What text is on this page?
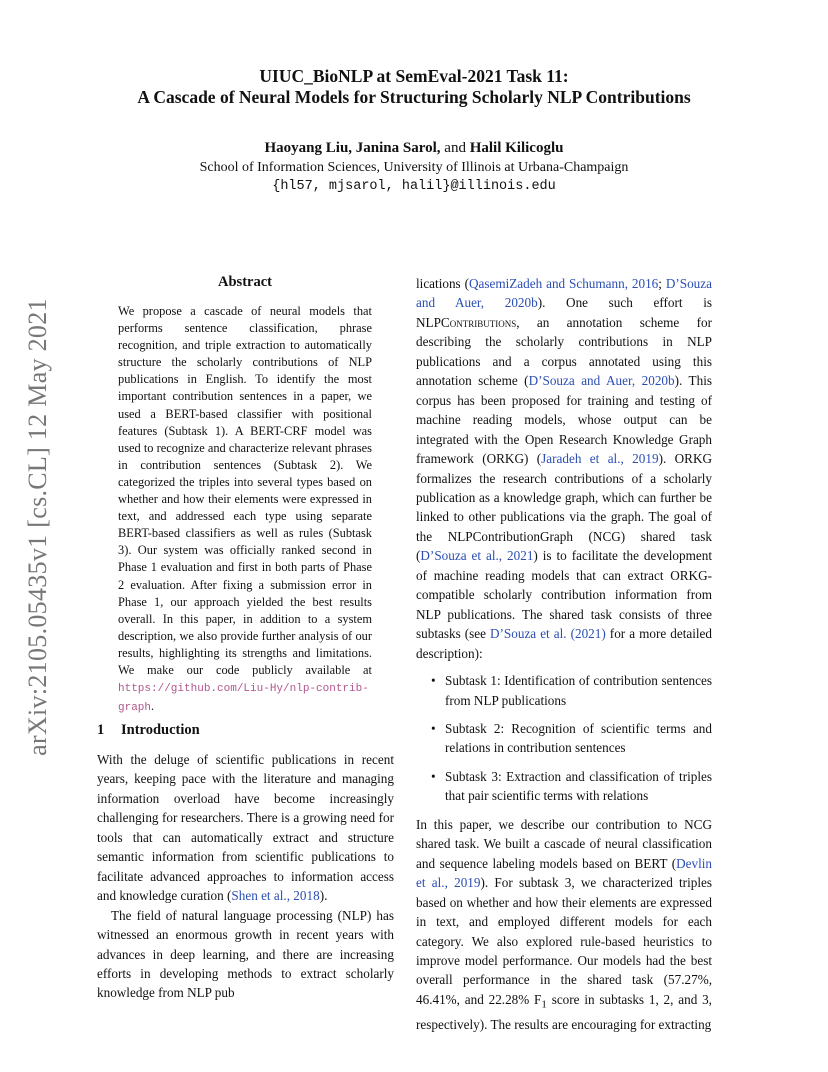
arXiv:2105.05435v1 [cs.CL] 12 May 2021
UIUC_BioNLP at SemEval-2021 Task 11:
A Cascade of Neural Models for Structuring Scholarly NLP Contributions
Haoyang Liu, Janina Sarol, and Halil Kilicoglu
School of Information Sciences, University of Illinois at Urbana-Champaign
{hl57, mjsarol, halil}@illinois.edu
Abstract
We propose a cascade of neural models that performs sentence classification, phrase recognition, and triple extraction to automatically structure the scholarly contributions of NLP publications in English. To identify the most important contribution sentences in a paper, we used a BERT-based classifier with positional features (Subtask 1). A BERT-CRF model was used to recognize and characterize relevant phrases in contribution sentences (Subtask 2). We categorized the triples into several types based on whether and how their elements were expressed in text, and addressed each type using separate BERT-based classifiers as well as rules (Subtask 3). Our system was officially ranked second in Phase 1 evaluation and first in both parts of Phase 2 evaluation. After fixing a submission error in Phase 1, our approach yielded the best results overall. In this paper, in addition to a system description, we also provide further analysis of our results, highlighting its strengths and limitations. We make our code publicly available at https://github.com/Liu-Hy/nlp-contrib-graph.
1 Introduction

With the deluge of scientific publications in recent years, keeping pace with the literature and managing information overload have become increasingly challenging for researchers. There is a growing need for tools that can automatically extract and structure semantic information from scientific publications to facilitate advanced approaches to information access and knowledge curation (Shen et al., 2018).

The field of natural language processing (NLP) has witnessed an enormous growth in recent years with advances in deep learning, and there are increasing efforts in developing methods to extract scholarly knowledge from NLP pub

lications (QasemiZadeh and Schumann, 2016; D’Souza and Auer, 2020b). One such effort is NLPContributions, an annotation scheme for describing the scholarly contributions in NLP publications and a corpus annotated using this annotation scheme (D’Souza and Auer, 2020b). This corpus has been proposed for training and testing of machine reading models, whose output can be integrated with the Open Research Knowledge Graph framework (ORKG) (Jaradeh et al., 2019). ORKG formalizes the research contributions of a scholarly publication as a knowledge graph, which can further be linked to other publications via the graph. The goal of the NLPContributionGraph (NCG) shared task (D’Souza et al., 2021) is to facilitate the development of machine reading models that can extract ORKG-compatible scholarly contribution information from NLP publications. The shared task consists of three subtasks (see D’Souza et al. (2021) for a more detailed description):

• Subtask 1: Identification of contribution sentences from NLP publications
• Subtask 2: Recognition of scientific terms and relations in contribution sentences
• Subtask 3: Extraction and classification of triples that pair scientific terms with relations

In this paper, we describe our contribution to NCG shared task. We built a cascade of neural classification and sequence labeling models based on BERT (Devlin et al., 2019). For subtask 3, we characterized triples based on whether and how their elements are expressed in text, and employed different models for each category. We also explored rule-based heuristics to improve model performance. Our models had the best overall performance in the shared task (57.27%, 46.41%, and 22.28% $F_1$ score in subtasks 1, 2, and 3, respectively). The results are encouraging for extracting
